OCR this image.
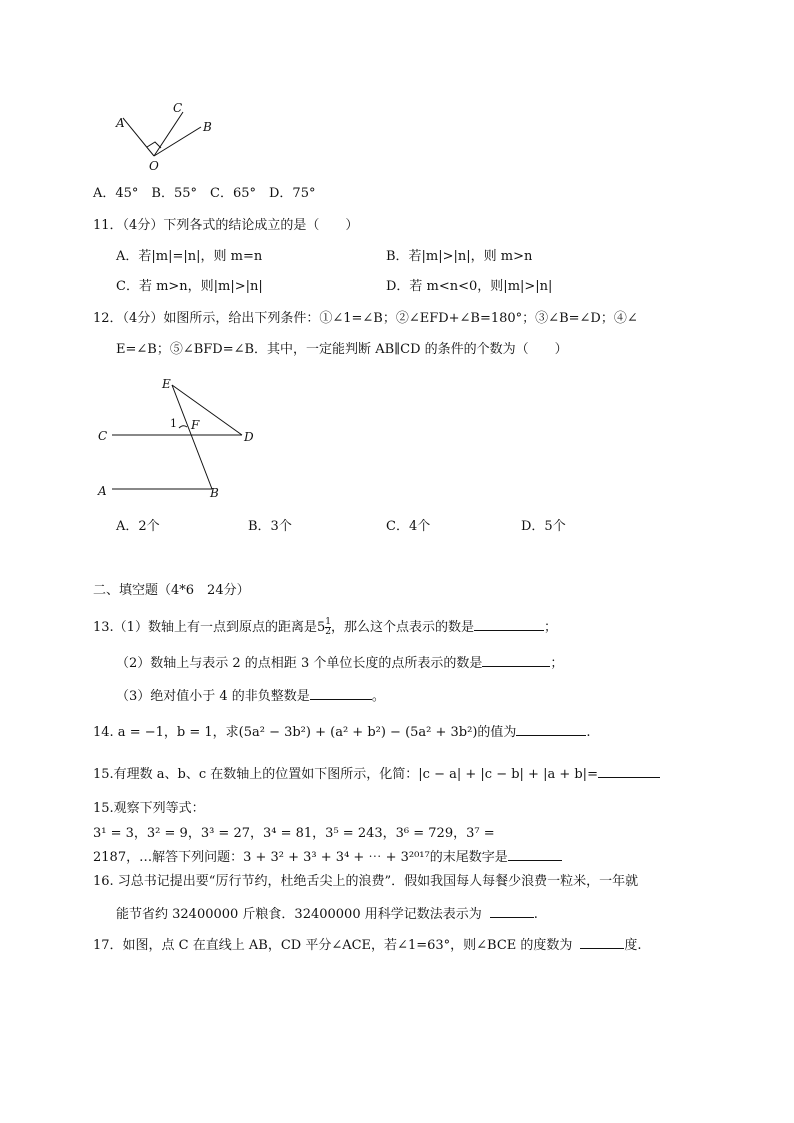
A
C
B
O
A．45°　B．55°　C．65°　D．75°
11．（4分）下列各式的结论成立的是（　　）
A．若|m|=|n|，则 m=n	B．若|m|>|n|，则 m>n
C．若 m>n，则|m|>|n|	D．若 m<n<0，则|m|>|n|
12．（4分）如图所示，给出下列条件：①∠1=∠B；②∠EFD+∠B=180°；③∠B=∠D；④∠
E=∠B；⑤∠BFD=∠B．其中，一定能判断 AB∥CD 的条件的个数为（　　）
E
C	D
F
1
A	B
A．2个	B．3个	C．4个	D．5个
二、填空题（4*6　24分）
13.（1）数轴上有一点到原点的距离是$5 \frac{1}{2}$ ，那么这个点表示的数是	；
（2）数轴上与表示 2 的点相距 3 个单位长度的点所表示的数是	；
（3）绝对值小于 4 的非负整数是	。
14. a = −1，b = 1，求(5a² − 3b²) + (a² + b²) − (5a² + 3b²)的值为	.
15.有理数 a、b、c 在数轴上的位置如下图所示，化简：|c − a| + |c − b| + |a + b|=
15.观察下列等式：
3¹ = 3，3² = 9，3³ = 27，3⁴ = 81，3⁵ = 243，3⁶ = 729，3⁷ =
2187，…解答下列问题：3 + 3² + 3³ + 3⁴ + ⋯ + 3²⁰¹⁷的末尾数字是
16. 习总书记提出要“厉行节约，杜绝舌尖上的浪费”．假如我国每人每餐少浪费一粒米，一年就
能节省约 32400000 斤粮食．32400000 用科学记数法表示为	.
17．如图，点 C 在直线上 AB，CD 平分∠ACE，若∠1=63°，则∠BCE 的度数为	度.
